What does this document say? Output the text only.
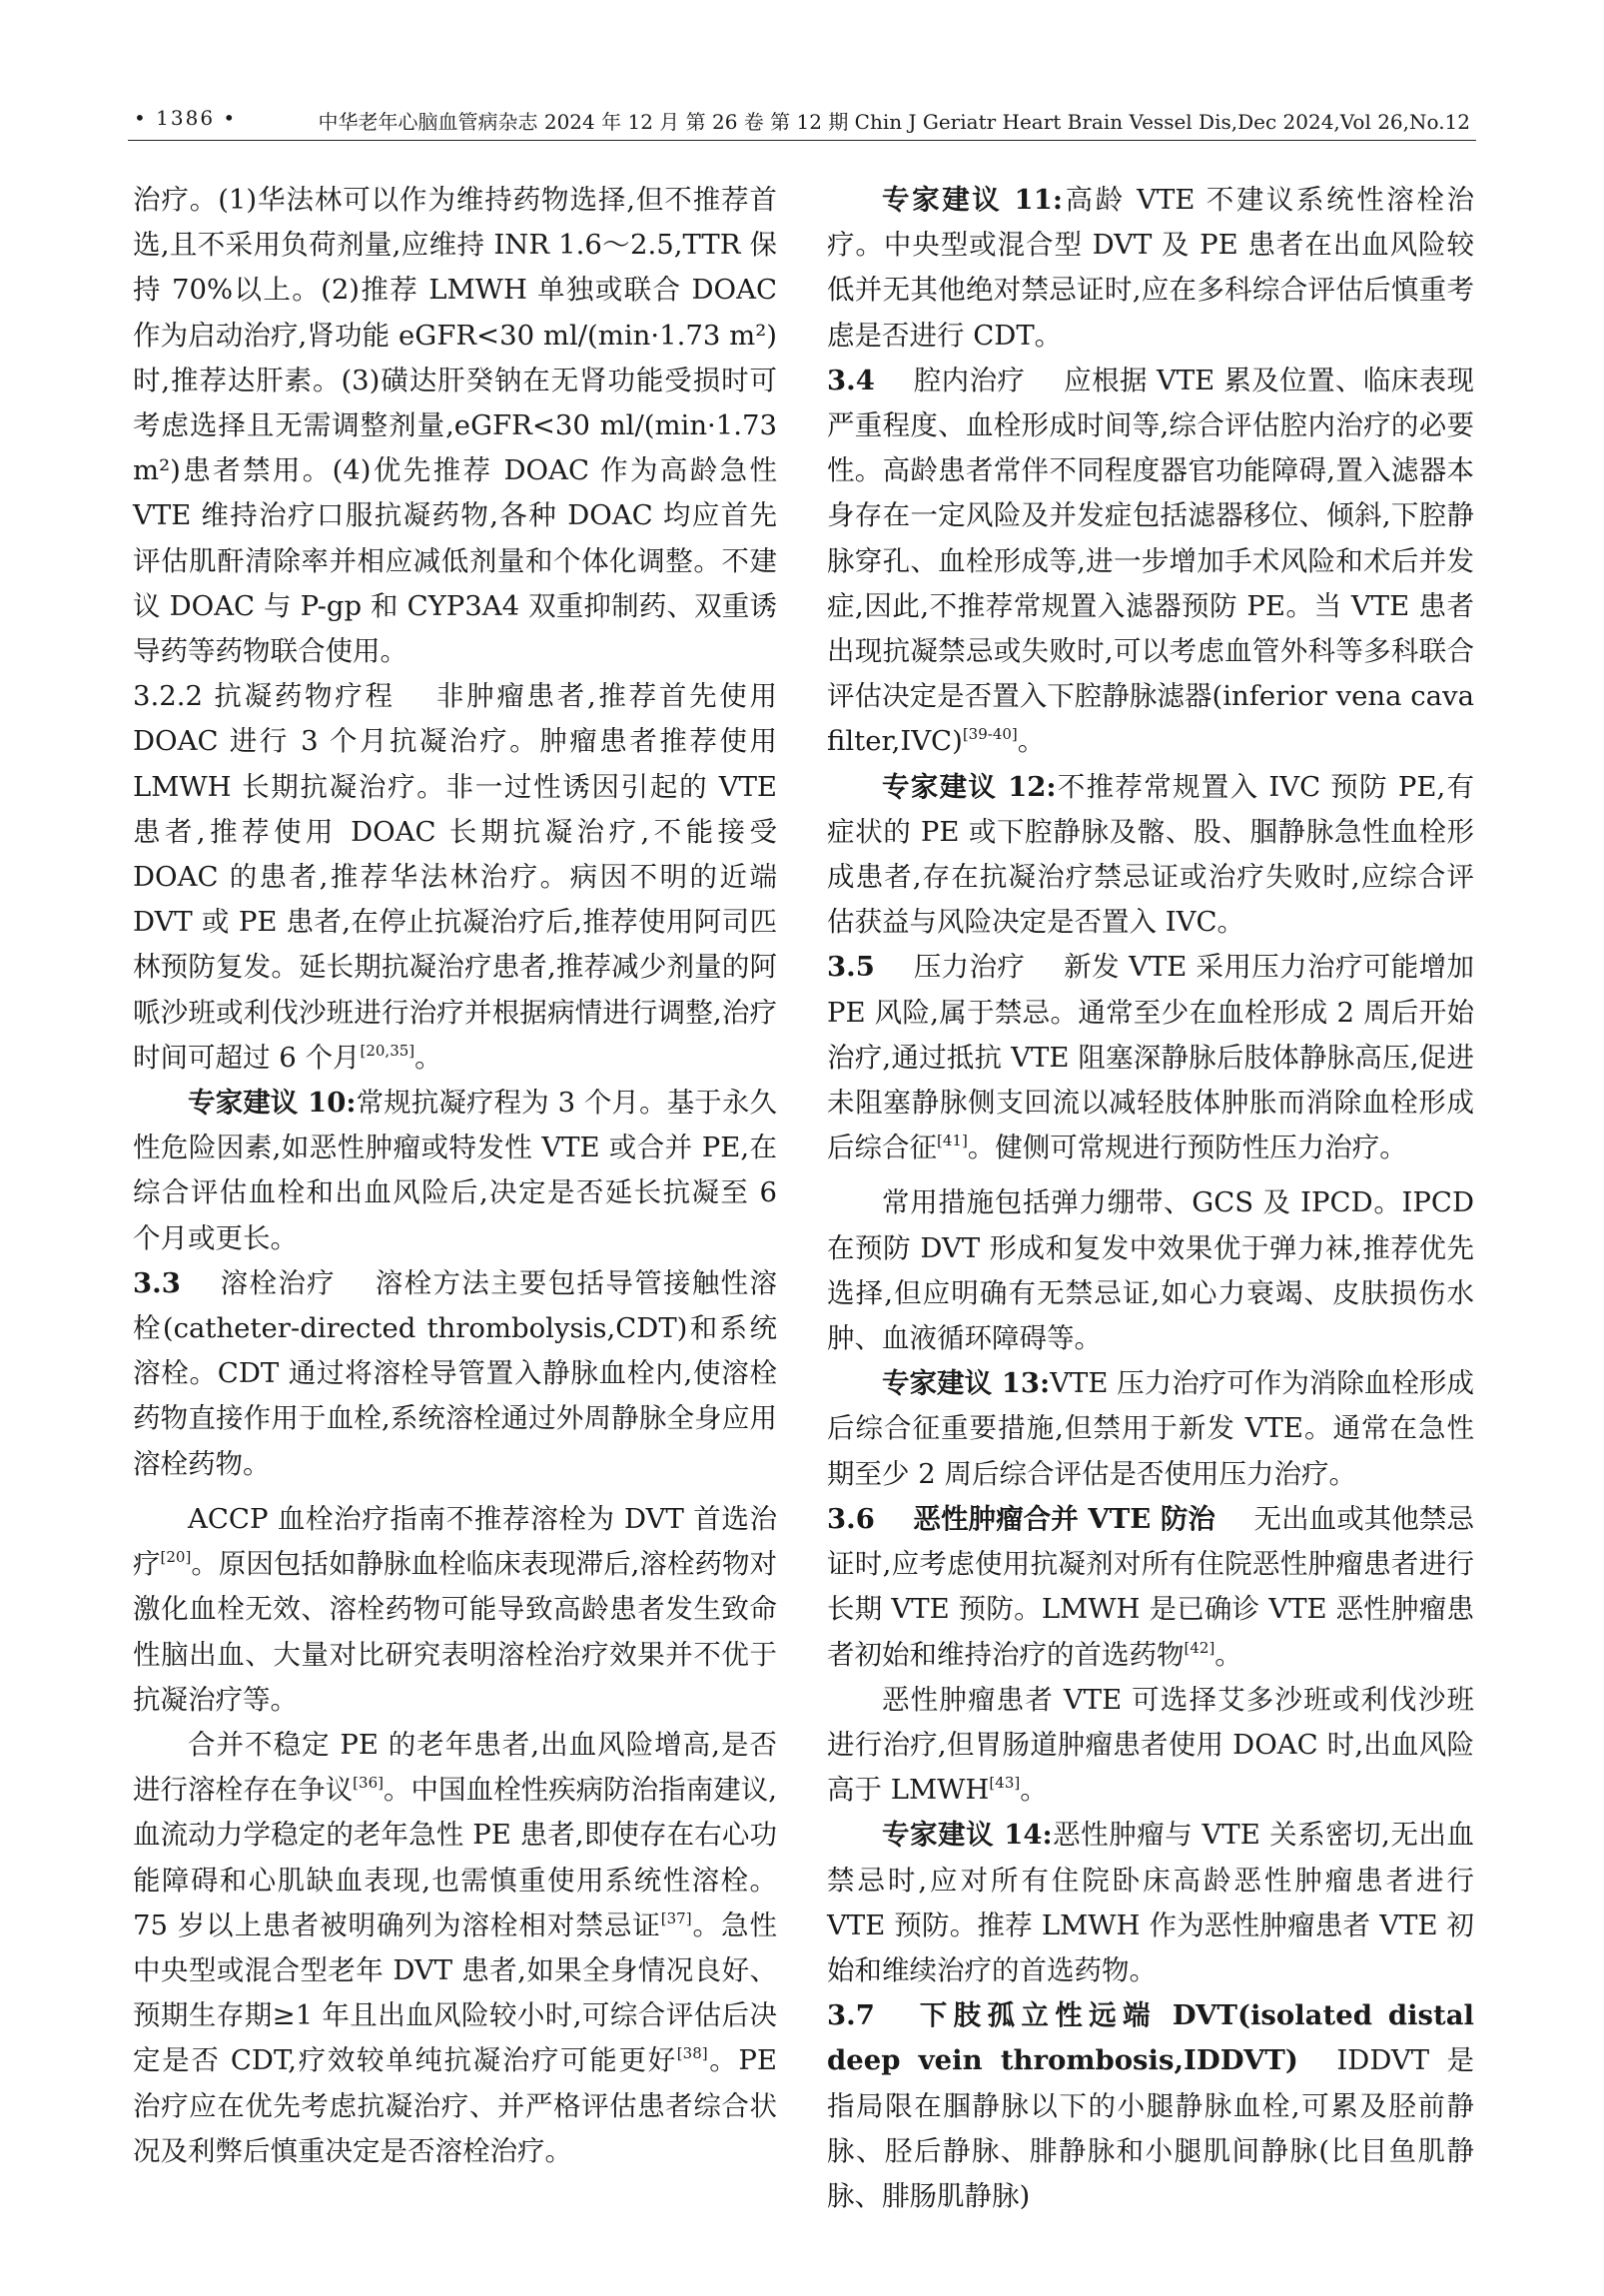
• 1386 •	中华老年心脑血管病杂志 2024 年 12 月 第 26 卷 第 12 期 Chin J Geriatr Heart Brain Vessel Dis,Dec 2024,Vol 26,No.12

治疗。(1)华法林可以作为维持药物选择,但不推荐首选,且不采用负荷剂量,应维持 INR 1.6～2.5,TTR 保持 70%以上。(2)推荐 LMWH 单独或联合 DOAC 作为启动治疗,肾功能 eGFR<30 ml/(min·1.73 m²)时,推荐达肝素。(3)磺达肝癸钠在无肾功能受损时可考虑选择且无需调整剂量,eGFR<30 ml/(min·1.73 m²)患者禁用。(4)优先推荐 DOAC 作为高龄急性 VTE 维持治疗口服抗凝药物,各种 DOAC 均应首先评估肌酐清除率并相应减低剂量和个体化调整。不建议 DOAC 与 P-gp 和 CYP3A4 双重抑制药、双重诱导药等药物联合使用。

3.2.2 抗凝药物疗程 非肿瘤患者,推荐首先使用 DOAC 进行 3 个月抗凝治疗。肿瘤患者推荐使用 LMWH 长期抗凝治疗。非一过性诱因引起的 VTE 患者,推荐使用 DOAC 长期抗凝治疗,不能接受 DOAC 的患者,推荐华法林治疗。病因不明的近端 DVT 或 PE 患者,在停止抗凝治疗后,推荐使用阿司匹林预防复发。延长期抗凝治疗患者,推荐减少剂量的阿哌沙班或利伐沙班进行治疗并根据病情进行调整,治疗时间可超过 6 个月[20,35]。

专家建议 10:常规抗凝疗程为 3 个月。基于永久性危险因素,如恶性肿瘤或特发性 VTE 或合并 PE,在综合评估血栓和出血风险后,决定是否延长抗凝至 6 个月或更长。

3.3 溶栓治疗 溶栓方法主要包括导管接触性溶栓(catheter-directed thrombolysis,CDT)和系统溶栓。CDT 通过将溶栓导管置入静脉血栓内,使溶栓药物直接作用于血栓,系统溶栓通过外周静脉全身应用溶栓药物。

ACCP 血栓治疗指南不推荐溶栓为 DVT 首选治疗[20]。原因包括如静脉血栓临床表现滞后,溶栓药物对激化血栓无效、溶栓药物可能导致高龄患者发生致命性脑出血、大量对比研究表明溶栓治疗效果并不优于抗凝治疗等。

合并不稳定 PE 的老年患者,出血风险增高,是否进行溶栓存在争议[36]。中国血栓性疾病防治指南建议,血流动力学稳定的老年急性 PE 患者,即使存在右心功能障碍和心肌缺血表现,也需慎重使用系统性溶栓。75 岁以上患者被明确列为溶栓相对禁忌证[37]。急性中央型或混合型老年 DVT 患者,如果全身情况良好、预期生存期≥1 年且出血风险较小时,可综合评估后决定是否 CDT,疗效较单纯抗凝治疗可能更好[38]。PE 治疗应在优先考虑抗凝治疗、并严格评估患者综合状况及利弊后慎重决定是否溶栓治疗。

专家建议 11:高龄 VTE 不建议系统性溶栓治疗。中央型或混合型 DVT 及 PE 患者在出血风险较低并无其他绝对禁忌证时,应在多科综合评估后慎重考虑是否进行 CDT。

3.4 腔内治疗 应根据 VTE 累及位置、临床表现严重程度、血栓形成时间等,综合评估腔内治疗的必要性。高龄患者常伴不同程度器官功能障碍,置入滤器本身存在一定风险及并发症包括滤器移位、倾斜,下腔静脉穿孔、血栓形成等,进一步增加手术风险和术后并发症,因此,不推荐常规置入滤器预防 PE。当 VTE 患者出现抗凝禁忌或失败时,可以考虑血管外科等多科联合评估决定是否置入下腔静脉滤器(inferior vena cava filter,IVC)[39-40]。

专家建议 12:不推荐常规置入 IVC 预防 PE,有症状的 PE 或下腔静脉及髂、股、腘静脉急性血栓形成患者,存在抗凝治疗禁忌证或治疗失败时,应综合评估获益与风险决定是否置入 IVC。

3.5 压力治疗 新发 VTE 采用压力治疗可能增加 PE 风险,属于禁忌。通常至少在血栓形成 2 周后开始治疗,通过抵抗 VTE 阻塞深静脉后肢体静脉高压,促进未阻塞静脉侧支回流以减轻肢体肿胀而消除血栓形成后综合征[41]。健侧可常规进行预防性压力治疗。

常用措施包括弹力绷带、GCS 及 IPCD。IPCD 在预防 DVT 形成和复发中效果优于弹力袜,推荐优先选择,但应明确有无禁忌证,如心力衰竭、皮肤损伤水肿、血液循环障碍等。

专家建议 13:VTE 压力治疗可作为消除血栓形成后综合征重要措施,但禁用于新发 VTE。通常在急性期至少 2 周后综合评估是否使用压力治疗。

3.6 恶性肿瘤合并 VTE 防治 无出血或其他禁忌证时,应考虑使用抗凝剂对所有住院恶性肿瘤患者进行长期 VTE 预防。LMWH 是已确诊 VTE 恶性肿瘤患者初始和维持治疗的首选药物[42]。

恶性肿瘤患者 VTE 可选择艾多沙班或利伐沙班进行治疗,但胃肠道肿瘤患者使用 DOAC 时,出血风险高于 LMWH[43]。

专家建议 14:恶性肿瘤与 VTE 关系密切,无出血禁忌时,应对所有住院卧床高龄恶性肿瘤患者进行 VTE 预防。推荐 LMWH 作为恶性肿瘤患者 VTE 初始和维续治疗的首选药物。

3.7 下肢孤立性远端 DVT(isolated distal deep vein thrombosis,IDDVT) IDDVT 是指局限在腘静脉以下的小腿静脉血栓,可累及胫前静脉、胫后静脉、腓静脉和小腿肌间静脉(比目鱼肌静脉、腓肠肌静脉)
